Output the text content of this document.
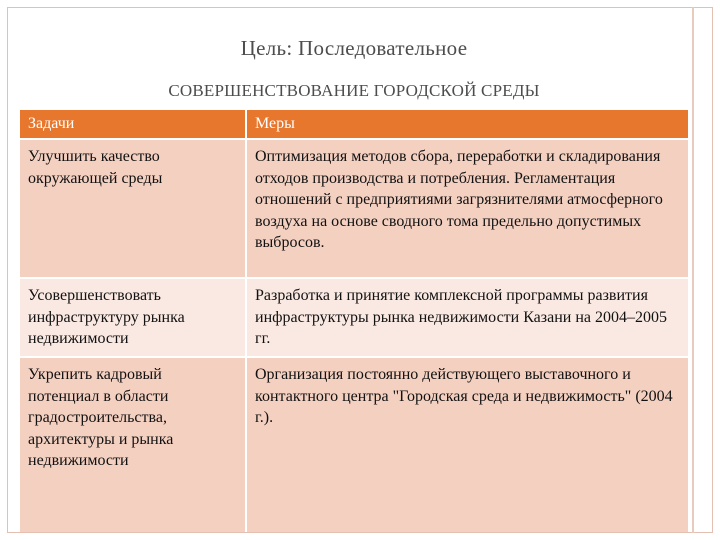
Цель: Последовательное
СОВЕРШЕНСТВОВАНИЕ ГОРОДСКОЙ СРЕДЫ
Задачи	Меры
Улучшить качество окружающей среды	Оптимизация методов сбора, переработки и складирования отходов производства и потребления. Регламентация отношений с предприятиями загрязнителями атмосферного воздуха на основе сводного тома предельно допустимых выбросов.
Усовершенствовать инфраструктуру рынка недвижимости	Разработка и принятие комплексной программы развития инфраструктуры рынка недвижимости Казани на 2004–2005 гг.
Укрепить кадровый потенциал в области градостроительства, архитектуры и рынка недвижимости	Организация постоянно действующего выставочного и контактного центра "Городская среда и недвижимость" (2004 г.).
